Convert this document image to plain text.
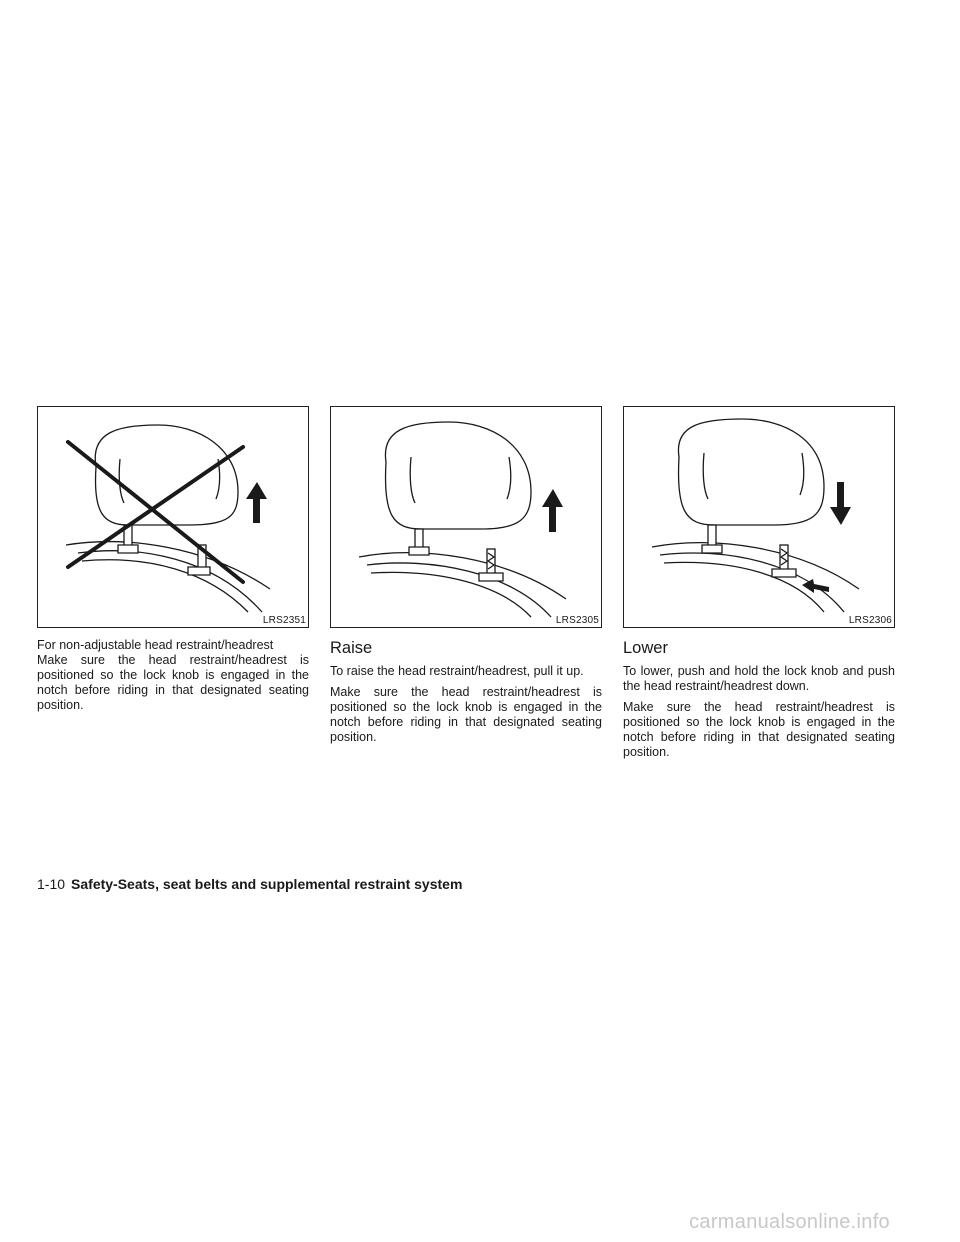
LRS2351

For non-adjustable head restraint/headrest

Make sure the head restraint/headrest is positioned so the lock knob is engaged in the notch before riding in that designated seating position.

LRS2305
Raise

To raise the head restraint/headrest, pull it up.

Make sure the head restraint/headrest is positioned so the lock knob is engaged in the notch before riding in that designated seating position.

LRS2306
Lower

To lower, push and hold the lock knob and push the head restraint/headrest down.

Make sure the head restraint/headrest is positioned so the lock knob is engaged in the notch before riding in that designated seating position.

1-10 Safety-Seats, seat belts and supplemental restraint system
carmanualsonline.info
